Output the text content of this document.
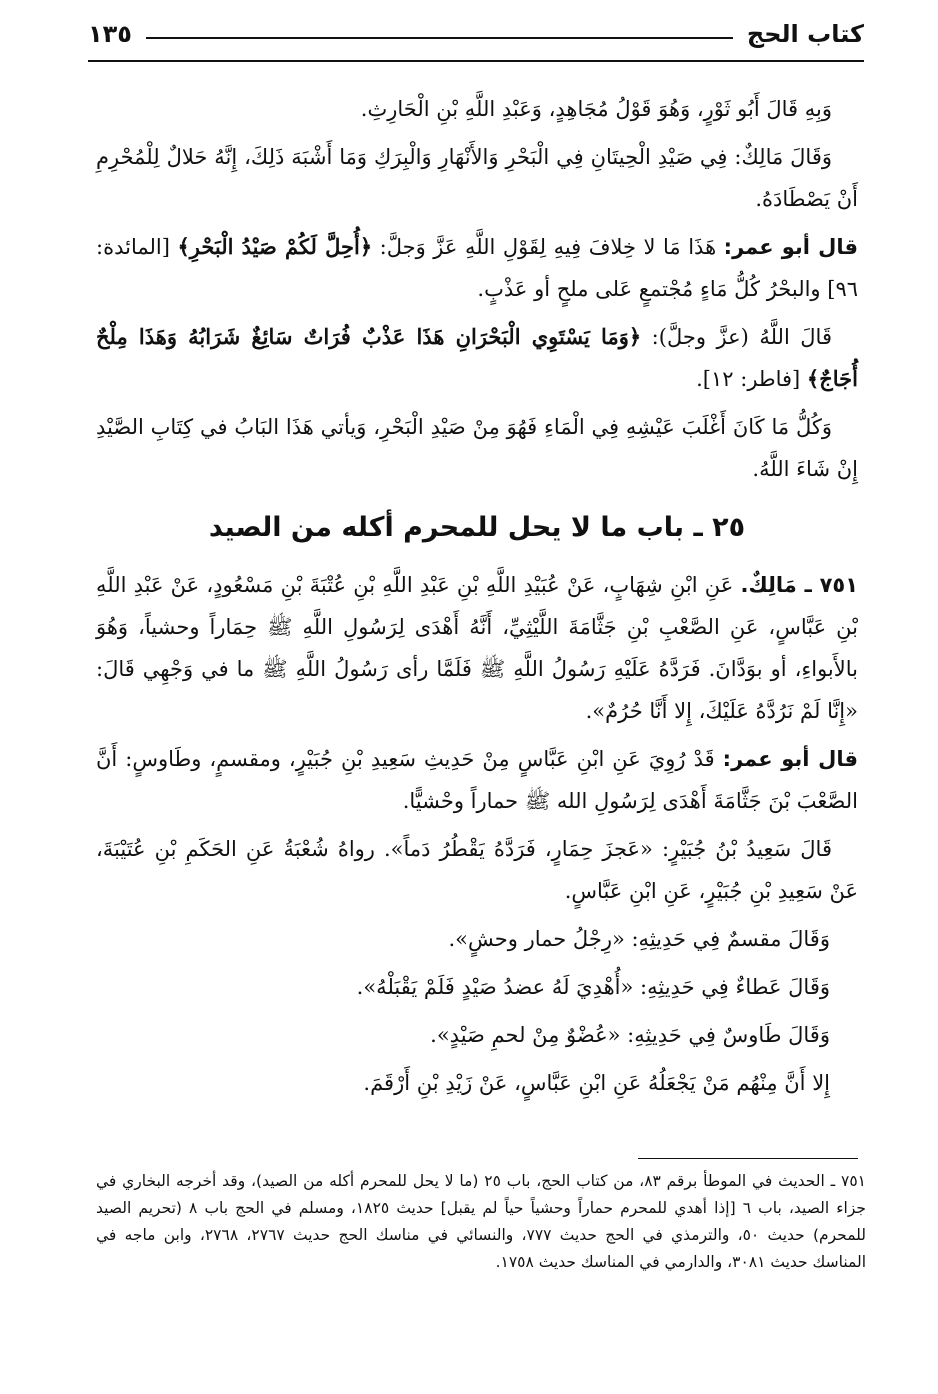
كتاب الحج
١٣٥

وَبِهِ قَالَ أَبُو ثَوْرٍ، وَهُوَ قَوْلُ مُجَاهِدٍ، وَعَبْدِ اللَّهِ بْنِ الْحَارِثِ.

وَقَالَ مَالِكٌ: فِي صَيْدِ الْحِيتَانِ فِي الْبَحْرِ وَالأَنْهَارِ وَالْبِرَكِ وَمَا أَشْبَهَ ذَلِكَ، إِنَّهُ حَلالٌ لِلْمُحْرِمِ أَنْ يَصْطَادَهُ.

قال أبو عمر: هَذَا مَا لا خِلافَ فِيهِ لِقَوْلِ اللَّهِ عَزَّ وَجلَّ: ﴿أُحِلَّ لَكُمْ صَيْدُ الْبَحْرِ﴾ [المائدة: ٩٦] والبحْرُ كُلُّ مَاءٍ مُجْتمعٍ عَلى ملحٍ أو عَذْبٍ.

قَالَ اللَّهُ (عزَّ وجلَّ): ﴿وَمَا يَسْتَوِي الْبَحْرَانِ هَذَا عَذْبٌ فُرَاتٌ سَائِغٌ شَرَابُهُ وَهَذَا مِلْحٌ أُجَاجٌ﴾ [فاطر: ١٢].

وَكُلُّ مَا كَانَ أَغْلَبَ عَيْشِهِ فِي الْمَاءِ فَهُوَ مِنْ صَيْدِ الْبَحْرِ، وَيأتي هَذَا البَابُ في كِتَابِ الصَّيْدِ إِنْ شَاءَ اللَّهُ.

٢٥ ـ باب ما لا يحل للمحرم أكله من الصيد

٧٥١ ـ مَالِكٌ. عَنِ ابْنِ شِهَابٍ، عَنْ عُبَيْدِ اللَّهِ بْنِ عَبْدِ اللَّهِ بْنِ عُتْبَةَ بْنِ مَسْعُودٍ، عَنْ عَبْدِ اللَّهِ بْنِ عَبَّاسٍ، عَنِ الصَّعْبِ بْنِ جَثَّامَةَ اللَّيْثِيِّ، أَنَّهُ أَهْدَى لِرَسُولِ اللَّهِ ﷺ حِمَاراً وحشياً، وَهُوَ بالأَبواءِ، أو بوَدَّانَ. فَرَدَّهُ عَلَيْهِ رَسُولُ اللَّهِ ﷺ فَلَمَّا رأى رَسُولُ اللَّهِ ﷺ ما في وَجْهِي قَالَ: «إِنَّا لَمْ نَرُدَّهُ عَلَيْكَ، إِلا أَنَّا حُرُمٌ».

قال أبو عمر: قَدْ رُوِيَ عَنِ ابْنِ عَبَّاسٍ مِنْ حَدِيثِ سَعِيدِ بْنِ جُبَيْرٍ، ومقسمٍ، وطَاوسٍ: أَنَّ الصَّعْبَ بْنَ جَثَّامَةَ أَهْدَى لِرَسُولِ الله ﷺ حماراً وحْشيًّا.

قَالَ سَعِيدُ بْنُ جُبَيْرٍ: «عَجزَ حِمَارٍ، فَرَدَّهُ يَقْطُرُ دَماً». رواهُ شُعْبَةُ عَنِ الحَكَمِ بْنِ عُتَيْبَةَ، عَنْ سَعِيدِ بْنِ جُبَيْرٍ، عَنِ ابْنِ عَبَّاسٍ.

وَقَالَ مقسمٌ فِي حَدِيثِهِ: «رِجْلُ حمار وحشٍ».

وَقَالَ عَطاءٌ فِي حَدِيثِهِ: «أُهْدِيَ لَهُ عضدُ صَيْدٍ فَلَمْ يَقْبَلْهُ».

وَقَالَ طَاوسٌ فِي حَدِيثِهِ: «عُضْوٌ مِنْ لحمِ صَيْدٍ».

إِلا أَنَّ مِنْهُم مَنْ يَجْعَلُهُ عَنِ ابْنِ عَبَّاسٍ، عَنْ زَيْدِ بْنِ أَرْقَمَ.

٧٥١ ـ الحديث في الموطأ برقم ٨٣، من كتاب الحج، باب ٢٥ (ما لا يحل للمحرم أكله من الصيد)، وقد أخرجه البخاري في جزاء الصيد، باب ٦ [إذا أهدي للمحرم حماراً وحشياً حياً لم يقبل] حديث ١٨٢٥، ومسلم في الحج باب ٨ (تحريم الصيد للمحرم) حديث ٥٠، والترمذي في الحج حديث ٧٧٧، والنسائي في مناسك الحج حديث ٢٧٦٧، ٢٧٦٨، وابن ماجه في المناسك حديث ٣٠٨١، والدارمي في المناسك حديث ١٧٥٨.
